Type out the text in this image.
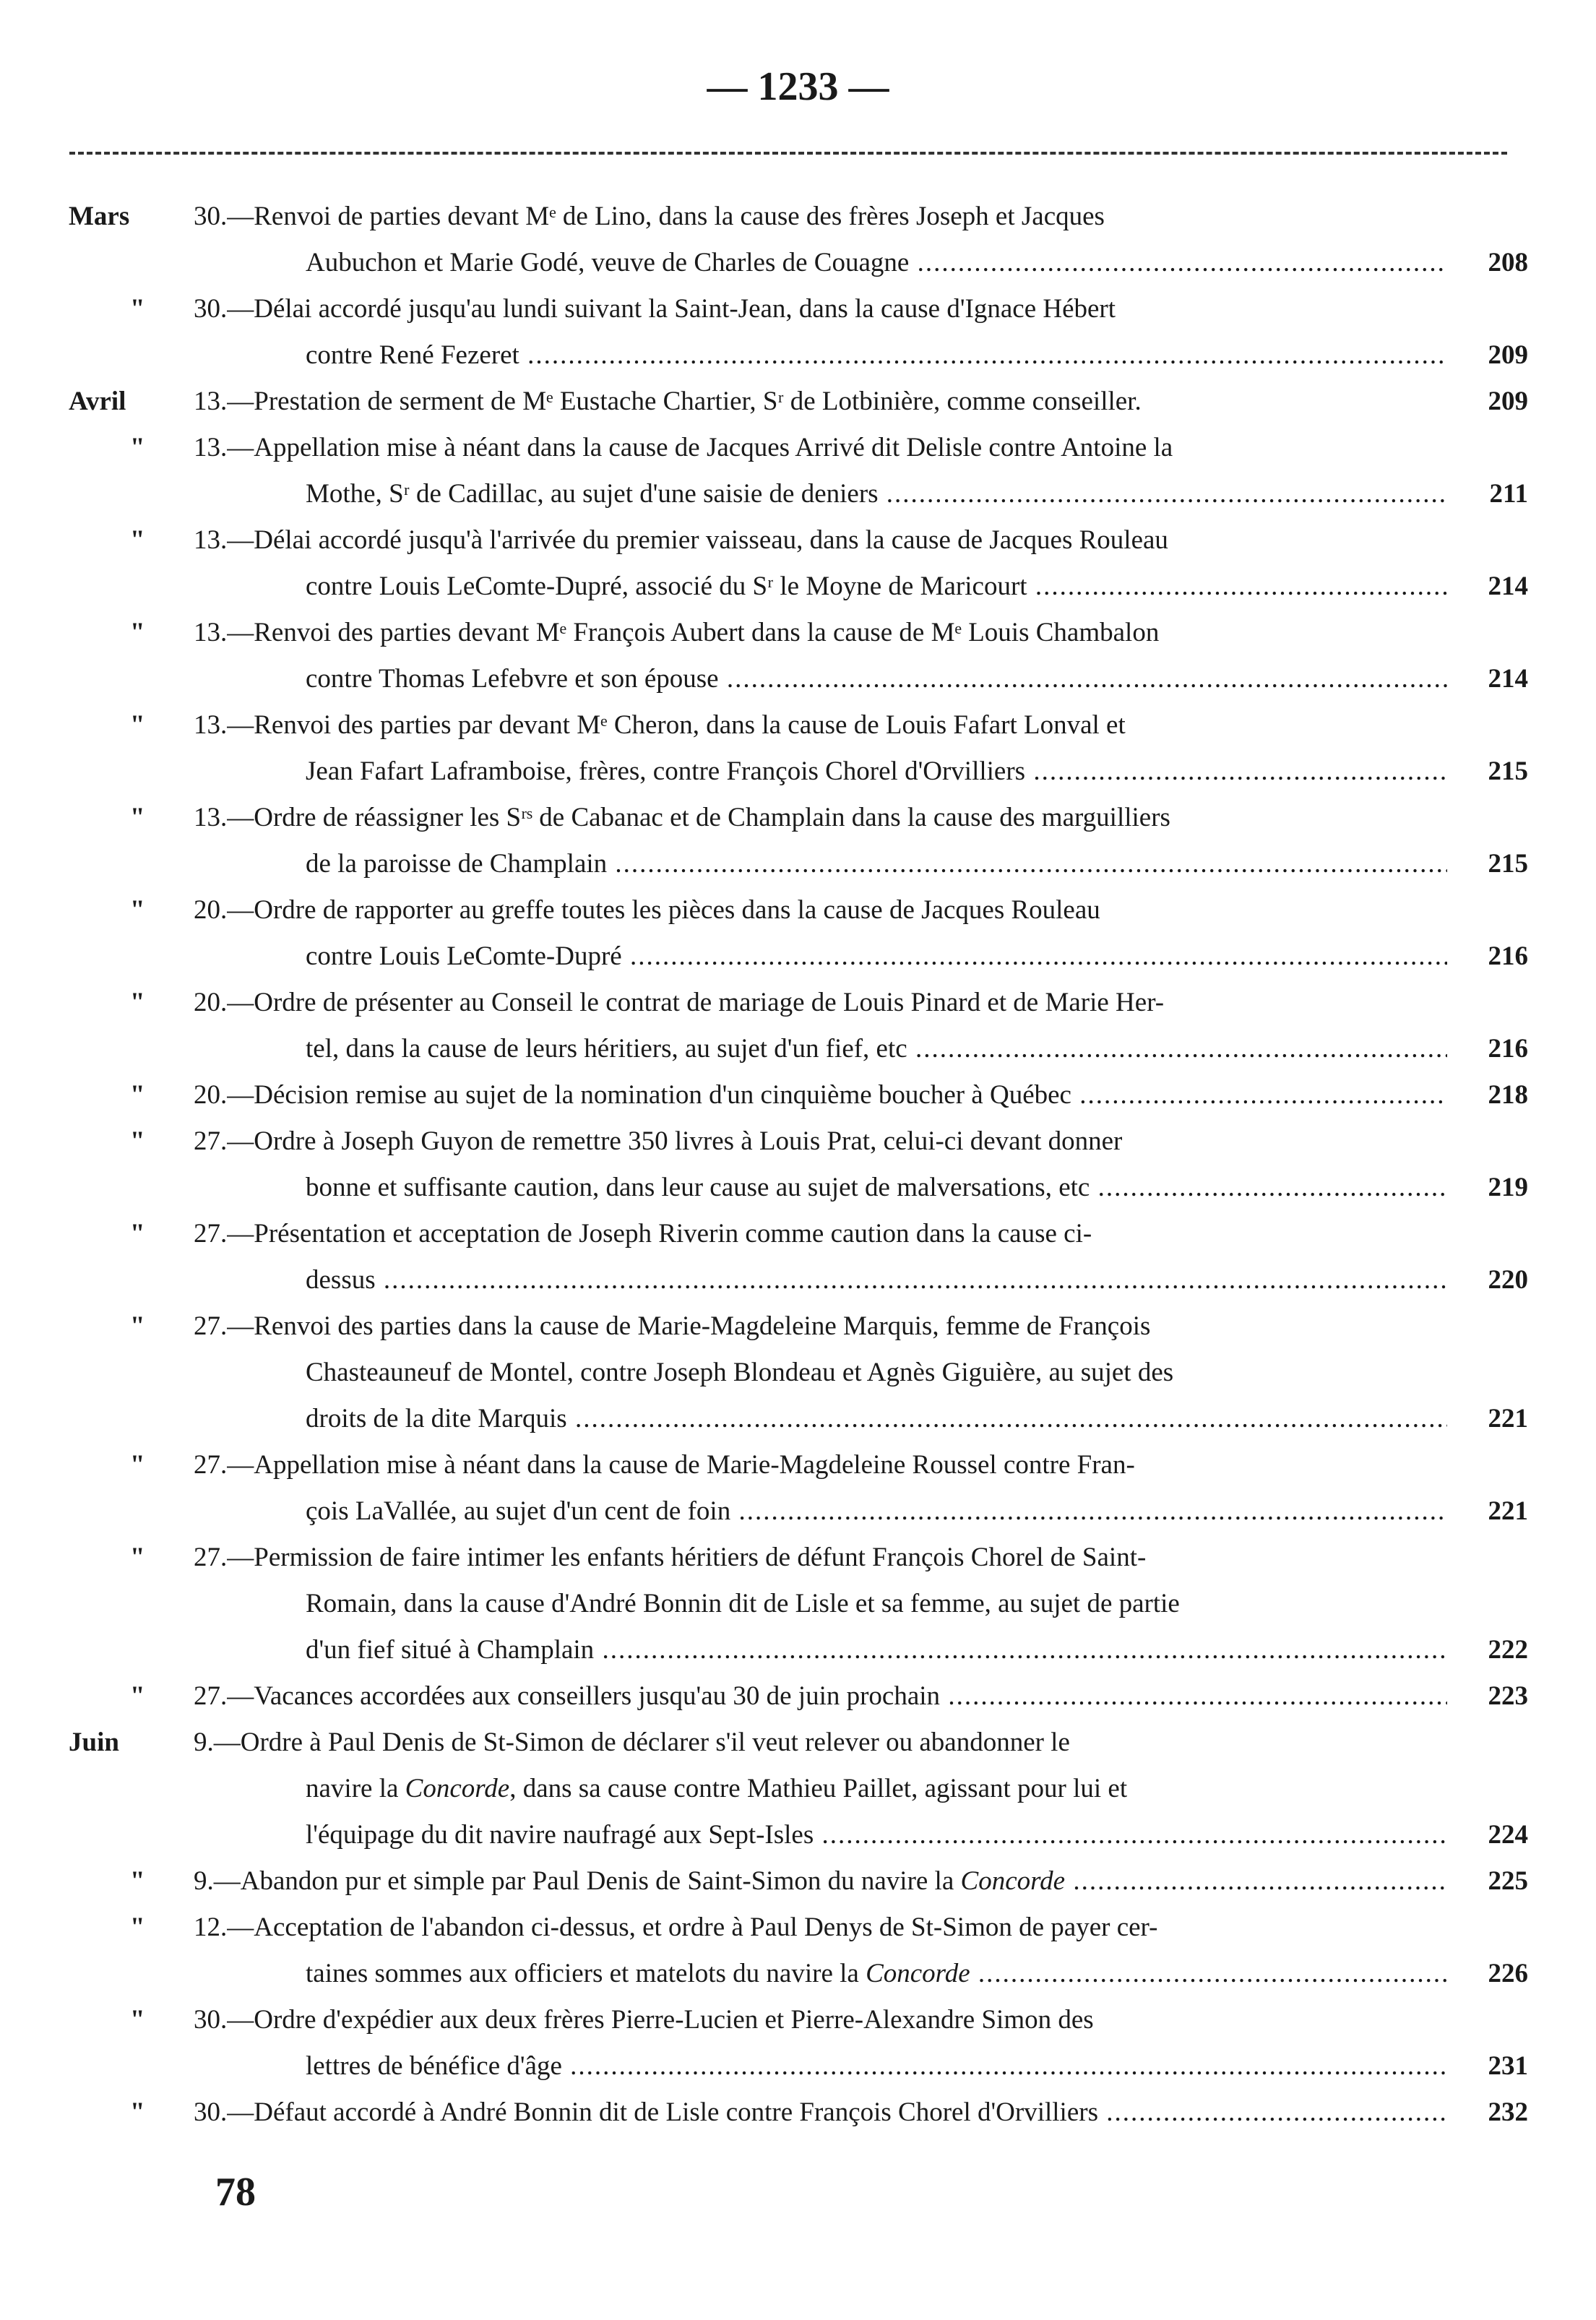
— 1233 —
Mars 30.—Renvoi de parties devant Mᵉ de Lino, dans la cause des frères Joseph et Jacques
Aubuchon et Marie Godé, veuve de Charles de Couagne .....	208
" 30.—Délai accordé jusqu'au lundi suivant la Saint-Jean, dans la cause d'Ignace Hébert
contre René Fezeret .....	209
Avril	13.—Prestation de serment de Mᵉ Eustache Chartier, Sʳ de Lotbinière, comme conseiller.	209
" 13.—Appellation mise à néant dans la cause de Jacques Arrivé dit Delisle contre Antoine la
Mothe, Sʳ de Cadillac, au sujet d'une saisie de deniers .....	211
" 13.—Délai accordé jusqu'à l'arrivée du premier vaisseau, dans la cause de Jacques Rouleau
contre Louis LeComte-Dupré, associé du Sʳ le Moyne de Maricourt .....	214
" 13.—Renvoi des parties devant Mᵉ François Aubert dans la cause de Mᵉ Louis Chambalon
contre Thomas Lefebvre et son épouse .....	214
" 13.—Renvoi des parties par devant Mᵉ Cheron, dans la cause de Louis Fafart Lonval et
Jean Fafart Laframboise, frères, contre François Chorel d'Orvilliers .....	215
" 13.—Ordre de réassigner les Sʳˢ de Cabanac et de Champlain dans la cause des marguilliers
de la paroisse de Champlain .....	215
" 20.—Ordre de rapporter au greffe toutes les pièces dans la cause de Jacques Rouleau
contre Louis LeComte-Dupré .....	216
" 20.—Ordre de présenter au Conseil le contrat de mariage de Louis Pinard et de Marie Her-
tel, dans la cause de leurs héritiers, au sujet d'un fief, etc .....	216
" 20.—Décision remise au sujet de la nomination d'un cinquième boucher à Québec .....	218
" 27.—Ordre à Joseph Guyon de remettre 350 livres à Louis Prat, celui-ci devant donner
bonne et suffisante caution, dans leur cause au sujet de malversations, etc .....	219
" 27.—Présentation et acceptation de Joseph Riverin comme caution dans la cause ci-
dessus .....	220
" 27.—Renvoi des parties dans la cause de Marie-Magdeleine Marquis, femme de François
Chasteauneuf de Montel, contre Joseph Blondeau et Agnès Giguière, au sujet des
droits de la dite Marquis .....	221
" 27.—Appellation mise à néant dans la cause de Marie-Magdeleine Roussel contre Fran-
çois LaVallée, au sujet d'un cent de foin .....	221
" 27.—Permission de faire intimer les enfants héritiers de défunt François Chorel de Saint-
Romain, dans la cause d'André Bonnin dit de Lisle et sa femme, au sujet de partie
d'un fief situé à Champlain .....	222
" 27.—Vacances accordées aux conseillers jusqu'au 30 de juin prochain .....	223
Juin	9.—Ordre à Paul Denis de St-Simon de déclarer s'il veut relever ou abandonner le
navire la Concorde, dans sa cause contre Mathieu Paillet, agissant pour lui et
l'équipage du dit navire naufragé aux Sept-Isles .....	224
" 9.—Abandon pur et simple par Paul Denis de Saint-Simon du navire la Concorde .....	225
" 12.—Acceptation de l'abandon ci-dessus, et ordre à Paul Denys de St-Simon de payer cer-
taines sommes aux officiers et matelots du navire la Concorde .....	226
" 30.—Ordre d'expédier aux deux frères Pierre-Lucien et Pierre-Alexandre Simon des
lettres de bénéfice d'âge .....	231
" 30.—Défaut accordé à André Bonnin dit de Lisle contre François Chorel d'Orvilliers .....	232
78
